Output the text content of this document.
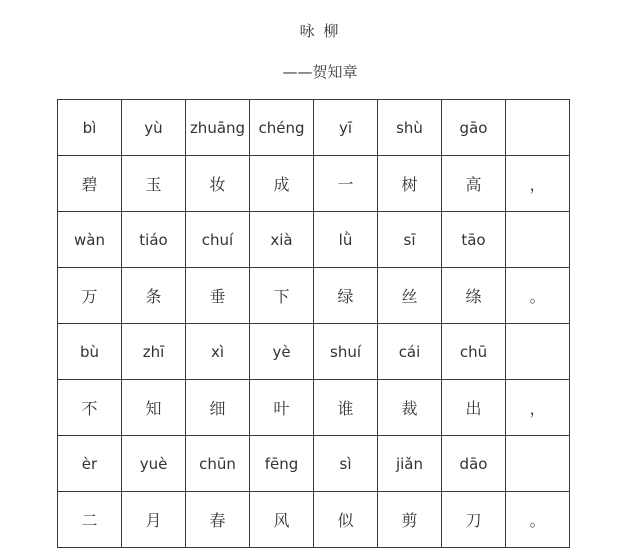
咏 柳
——贺知章
bì	yù	zhuāng	chéng	yī	shù	gāo	
碧	玉	妆	成	一	树	高	，
wàn	tiáo	chuí	xià	lǜ	sī	tāo	
万	条	垂	下	绿	丝	绦	。
bù	zhī	xì	yè	shuí	cái	chū	
不	知	细	叶	谁	裁	出	，
èr	yuè	chūn	fēng	sì	jiǎn	dāo	
二	月	春	风	似	剪	刀	。
